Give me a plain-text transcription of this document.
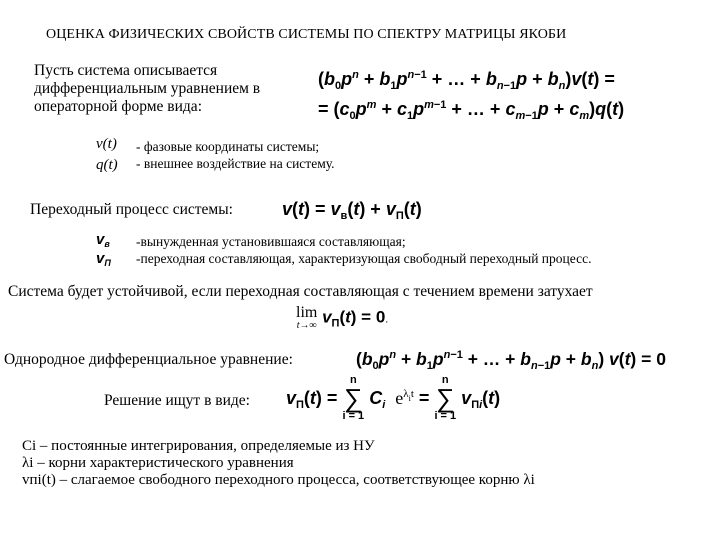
ОЦЕНКА ФИЗИЧЕСКИХ СВОЙСТВ СИСТЕМЫ ПО СПЕКТРУ МАТРИЦЫ ЯКОБИ
Пусть система описывается
дифференциальным уравнением в
операторной форме вида:
($b_0p^n + b_1p^{n-1}$ + … + $b_{n-1}p + b_n)v(t)$ =
= ($c_0p^m + c_1p^{m-1}$ + … + $c_{m-1}p + c_m)q(t)$
v(t)
q(t)
- фазовые координаты системы;
- внешнее воздействие на систему.
Переходный процесс системы:	$v(t) = v_в(t) + v_П(t)$
$v_в$
$v_П$
-вынужденная установившаяся составляющая;
-переходная составляющая, характеризующая свободный переходный процесс.
Система будет устойчивой, если переходная составляющая с течением времени затухает
lim
t→∞ $v_П(t) = 0$.
Однородное дифференциальное уравнение:	($b_0p^n + b_1p^{n-1}$ + … + $b_{n-1}p + b_n$) v(t) = 0
Решение ищут в виде: $v_П(t)$ =
n
∑
i = 1
$C_i$ $e^{\lambda_it}$ =
n
∑
i = 1
$v_{Пi}(t)$
Ci – постоянные интегрирования, определяемые из НУ
λi – корни характеристического уравнения
vпi(t) – слагаемое свободного переходного процесса, соответствующее корню λi
